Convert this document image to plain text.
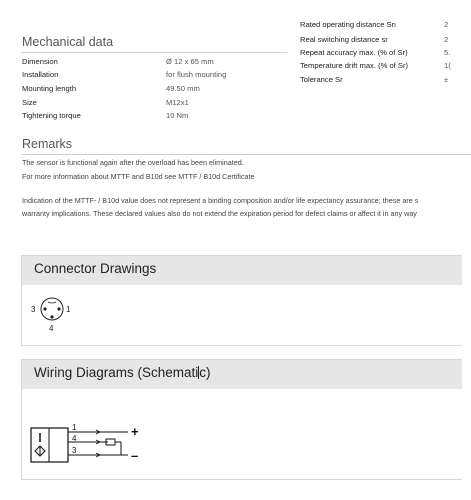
Rated operating distance Sn	2
Real switching distance sr	2
Repeat accuracy max. (% of Sr)	5.
Temperature drift max. (% of Sr)	1(
Tolerance Sr	±
Mechanical data
Dimension	Ø 12 x 65 mm
Installation	for flush mounting
Mounting length	49.50 mm
Size	M12x1
Tightening torque	10 Nm
Remarks
The sensor is functional again after the overload has been eliminated.
For more information about MTTF and B10d see MTTF / B10d Certificate
Indication of the MTTF- / B10d value does not represent a binding composition and/or life expectancy assurance; these are s
warranty implications. These declared values also do not extend the expiration period for defect claims or affect it in any way
Connector Drawings
3	1
4
Wiring Diagrams (Schematic)
1
4
3
+
–
